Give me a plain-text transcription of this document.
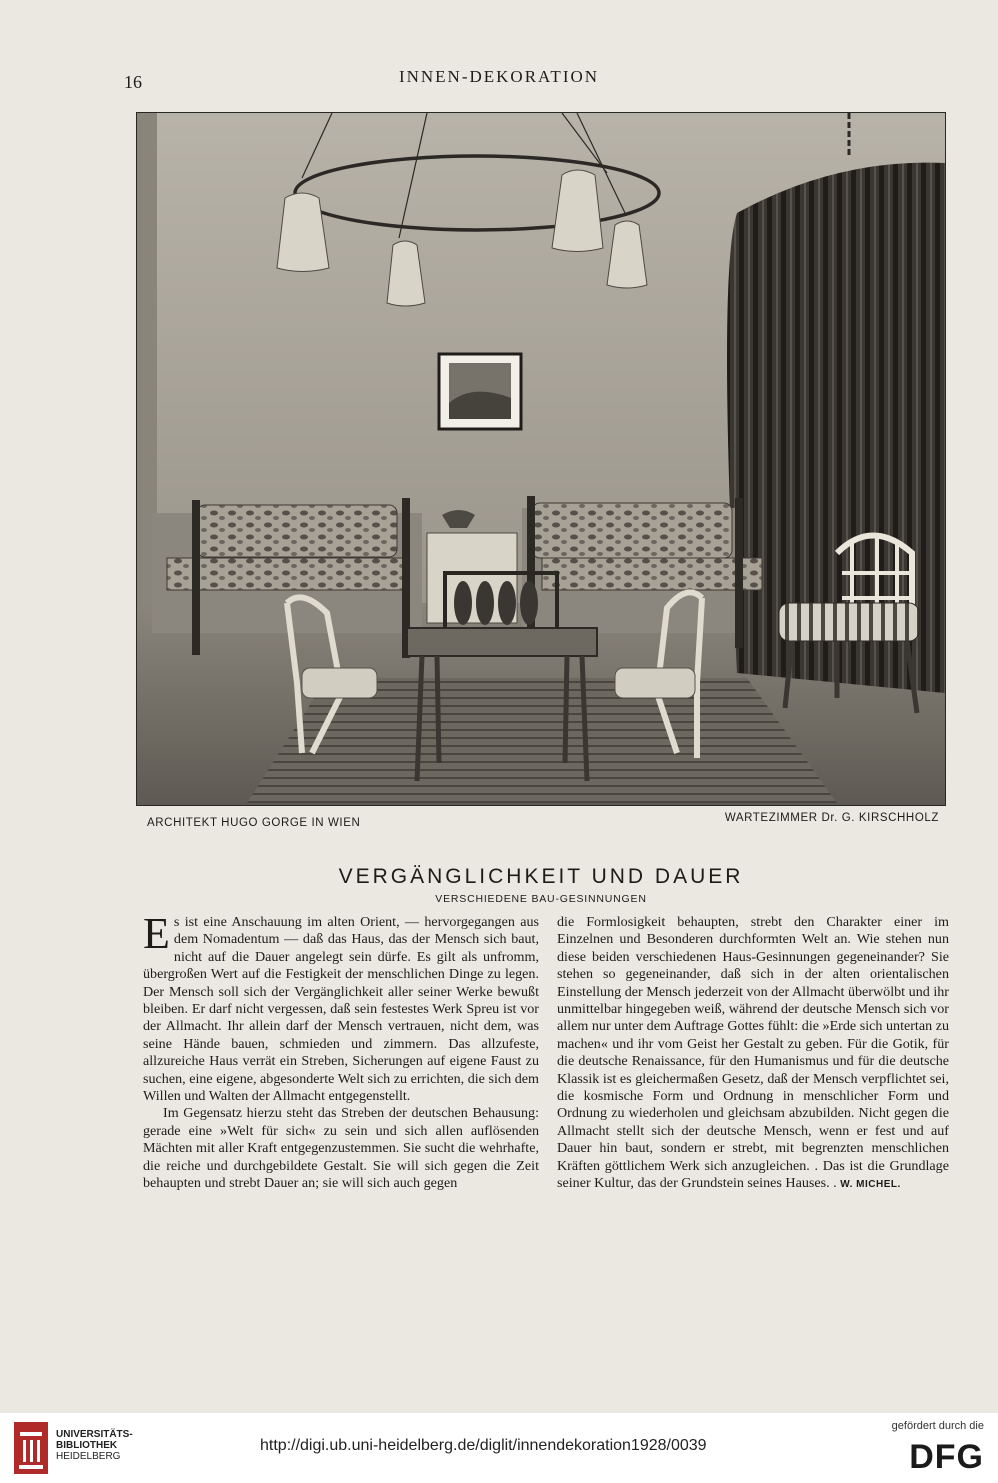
16	INNEN-DEKORATION
ARCHITEKT HUGO GORGE IN WIEN	WARTEZIMMER Dr. G. KIRSCHHOLZ
VERGÄNGLICHKEIT UND DAUER
VERSCHIEDENE BAU-GESINNUNGEN

Es ist eine Anschauung im alten Orient, — hervorgegangen aus dem Nomadentum — daß das Haus, das der Mensch sich baut, nicht auf die Dauer angelegt sein dürfe. Es gilt als unfromm, übergroßen Wert auf die Festigkeit der menschlichen Dinge zu legen. Der Mensch soll sich der Vergänglichkeit aller seiner Werke bewußt bleiben. Er darf nicht vergessen, daß sein festestes Werk Spreu ist vor der Allmacht. Ihr allein darf der Mensch vertrauen, nicht dem, was seine Hände bauen, schmieden und zimmern. Das allzufeste, allzureiche Haus verrät ein Streben, Sicherungen auf eigene Faust zu suchen, eine eigene, abgesonderte Welt sich zu errichten, die sich dem Willen und Walten der Allmacht entgegenstellt.

Im Gegensatz hierzu steht das Streben der deutschen Behausung: gerade eine »Welt für sich« zu sein und sich allen auflösenden Mächten mit aller Kraft entgegenzustemmen. Sie sucht die wehrhafte, die reiche und durchgebildete Gestalt. Sie will sich gegen die Zeit behaupten und strebt Dauer an; sie will sich auch gegen

die Formlosigkeit behaupten, strebt den Charakter einer im Einzelnen und Besonderen durchformten Welt an. Wie stehen nun diese beiden verschiedenen Haus-Gesinnungen gegeneinander? Sie stehen so gegeneinander, daß sich in der alten orientalischen Einstellung der Mensch jederzeit von der Allmacht überwölbt und ihr unmittelbar hingegeben weiß, während der deutsche Mensch sich vor allem nur unter dem Auftrage Gottes fühlt: die »Erde sich untertan zu machen« und ihr vom Geist her Gestalt zu geben. Für die Gotik, für die deutsche Renaissance, für den Humanismus und für die deutsche Klassik ist es gleichermaßen Gesetz, daß der Mensch verpflichtet sei, die kosmische Form und Ordnung in menschlicher Form und Ordnung zu wiederholen und gleichsam abzubilden. Nicht gegen die Allmacht stellt sich der deutsche Mensch, wenn er fest und auf Dauer hin baut, sondern er strebt, mit begrenzten menschlichen Kräften göttlichem Werk sich anzugleichen. . Das ist die Grundlage seiner Kultur, das der Grundstein seines Hauses. . W. MICHEL.

UNIVERSITÄTS-
BIBLIOTHEK
HEIDELBERG
http://digi.ub.uni-heidelberg.de/diglit/innendekoration1928/0039
gefördert durch die
DFG
